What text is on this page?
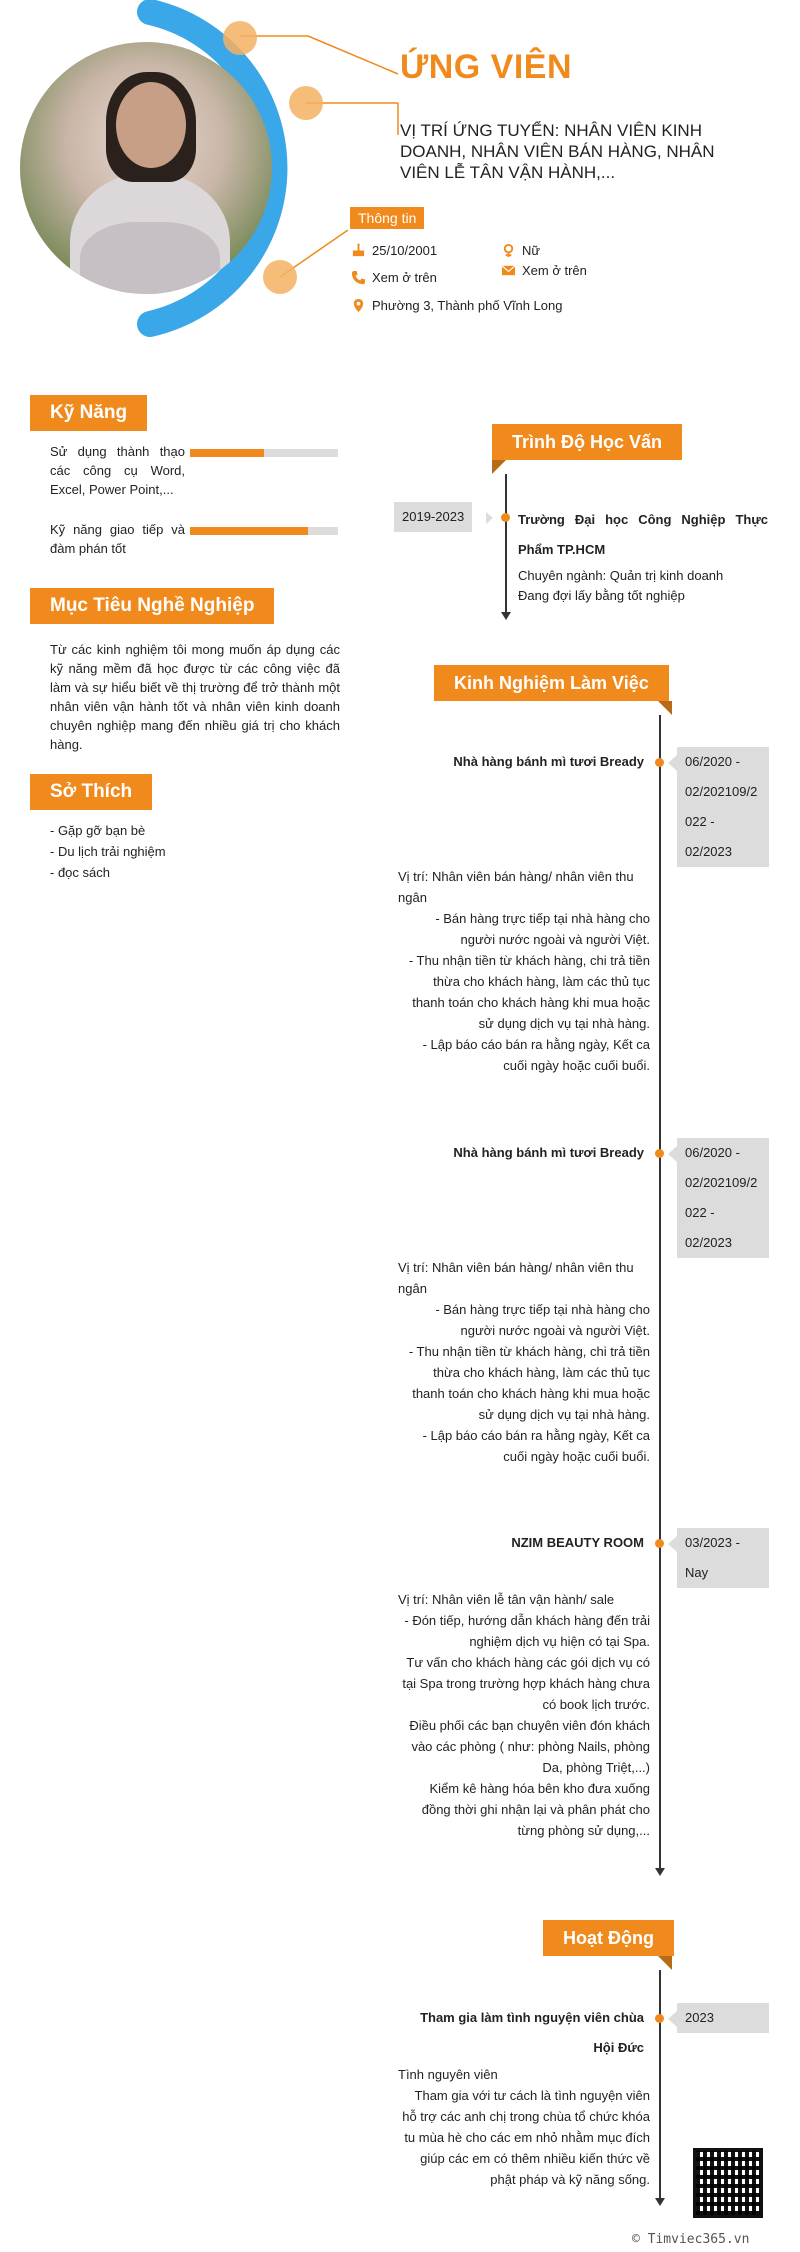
ỨNG VIÊN
VỊ TRÍ ỨNG TUYỂN: NHÂN VIÊN KINH DOANH, NHÂN VIÊN BÁN HÀNG, NHÂN VIÊN LỄ TÂN VẬN HÀNH,...
Thông tin
25/10/2001	Nữ
Xem ở trên	Xem ở trên
Phường 3, Thành phố Vĩnh Long
Kỹ Năng
Sử dụng thành thạo các công cụ Word, Excel, Power Point,...
Kỹ năng giao tiếp và đàm phán tốt
Mục Tiêu Nghề Nghiệp
Từ các kinh nghiệm tôi mong muốn áp dụng các kỹ năng mềm đã học được từ các công việc đã làm và sự hiểu biết về thị trường để trở thành một nhân viên vận hành tốt và nhân viên kinh doanh chuyên nghiệp mang đến nhiều giá trị cho khách hàng.
Sở Thích
- Gặp gỡ bạn bè
- Du lịch trải nghiệm
- đọc sách
Trình Độ Học Vấn
2019-2023	Trường Đại học Công Nghiệp Thực Phẩm TP.HCM
Chuyên ngành: Quản trị kinh doanh
Đang đợi lấy bằng tốt nghiệp
Kinh Nghiệm Làm Việc
Nhà hàng bánh mì tươi Bready	06/2020 -
02/202109/2
022 -
02/2023
Vị trí: Nhân viên bán hàng/ nhân viên thu ngân
- Bán hàng trực tiếp tại nhà hàng cho người nước ngoài và người Việt.
- Thu nhận tiền từ khách hàng, chi trả tiền thừa cho khách hàng, làm các thủ tục thanh toán cho khách hàng khi mua hoặc sử dụng dịch vụ tại nhà hàng.
- Lập báo cáo bán ra hằng ngày, Kết ca cuối ngày hoặc cuối buổi.
Nhà hàng bánh mì tươi Bready	06/2020 -
02/202109/2
022 -
02/2023
Vị trí: Nhân viên bán hàng/ nhân viên thu ngân
- Bán hàng trực tiếp tại nhà hàng cho người nước ngoài và người Việt.
- Thu nhận tiền từ khách hàng, chi trả tiền thừa cho khách hàng, làm các thủ tục thanh toán cho khách hàng khi mua hoặc sử dụng dịch vụ tại nhà hàng.
- Lập báo cáo bán ra hằng ngày, Kết ca cuối ngày hoặc cuối buổi.
NZIM BEAUTY ROOM	03/2023 -
Nay
Vị trí: Nhân viên lễ tân vận hành/ sale
- Đón tiếp, hướng dẫn khách hàng đến trải nghiệm dịch vụ hiện có tại Spa.
Tư vấn cho khách hàng các gói dịch vụ có tại Spa trong trường hợp khách hàng chưa có book lịch trước.
Điều phối các bạn chuyên viên đón khách vào các phòng ( như: phòng Nails, phòng Da, phòng Triệt,...)
Kiểm kê hàng hóa bên kho đưa xuống đồng thời ghi nhận lại và phân phát cho từng phòng sử dụng,...
Hoạt Động
Tham gia làm tình nguyện viên chùa
Hội Đức
2023
Tình nguyên viên
Tham gia với tư cách là tình nguyện viên hỗ trợ các anh chị trong chùa tổ chức khóa tu mùa hè cho các em nhỏ nhằm mục đích giúp các em có thêm nhiều kiến thức về phật pháp và kỹ năng sống.
© Timviec365.vn
